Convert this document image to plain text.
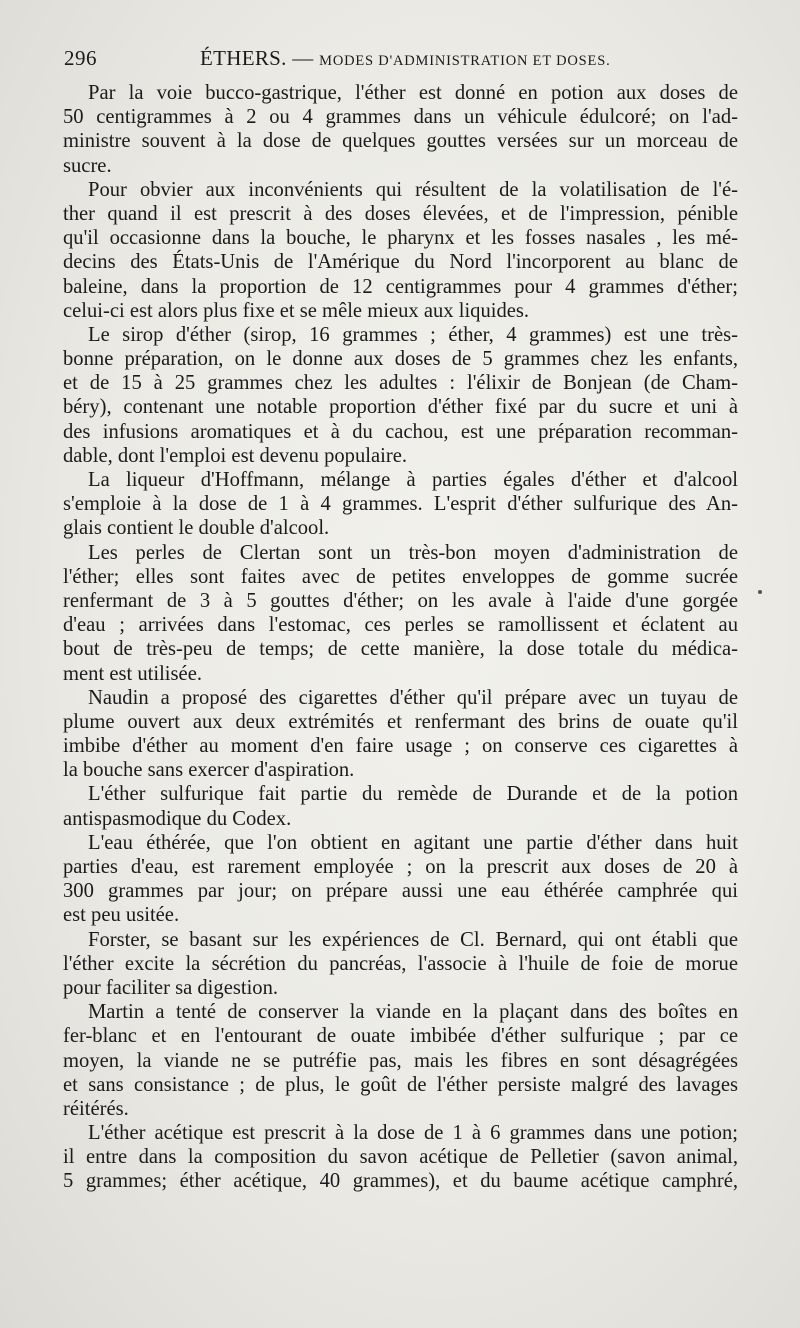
296	ÉTHERS. — MODES D'ADMINISTRATION ET DOSES.
Par la voie bucco-gastrique, l'éther est donné en potion aux doses de
50 centigrammes à 2 ou 4 grammes dans un véhicule édulcoré; on l'ad-
ministre souvent à la dose de quelques gouttes versées sur un morceau de
sucre.
Pour obvier aux inconvénients qui résultent de la volatilisation de l'é-
ther quand il est prescrit à des doses élevées, et de l'impression, pénible
qu'il occasionne dans la bouche, le pharynx et les fosses nasales , les mé-
decins des États-Unis de l'Amérique du Nord l'incorporent au blanc de
baleine, dans la proportion de 12 centigrammes pour 4 grammes d'éther;
celui-ci est alors plus fixe et se mêle mieux aux liquides.
Le sirop d'éther (sirop, 16 grammes ; éther, 4 grammes) est une très-
bonne préparation, on le donne aux doses de 5 grammes chez les enfants,
et de 15 à 25 grammes chez les adultes : l'élixir de Bonjean (de Cham-
béry), contenant une notable proportion d'éther fixé par du sucre et uni à
des infusions aromatiques et à du cachou, est une préparation recomman-
dable, dont l'emploi est devenu populaire.
La liqueur d'Hoffmann, mélange à parties égales d'éther et d'alcool
s'emploie à la dose de 1 à 4 grammes. L'esprit d'éther sulfurique des An-
glais contient le double d'alcool.
Les perles de Clertan sont un très-bon moyen d'administration de
l'éther; elles sont faites avec de petites enveloppes de gomme sucrée
renfermant de 3 à 5 gouttes d'éther; on les avale à l'aide d'une gorgée
d'eau ; arrivées dans l'estomac, ces perles se ramollissent et éclatent au
bout de très-peu de temps; de cette manière, la dose totale du médica-
ment est utilisée.
Naudin a proposé des cigarettes d'éther qu'il prépare avec un tuyau de
plume ouvert aux deux extrémités et renfermant des brins de ouate qu'il
imbibe d'éther au moment d'en faire usage ; on conserve ces cigarettes à
la bouche sans exercer d'aspiration.
L'éther sulfurique fait partie du remède de Durande et de la potion
antispasmodique du Codex.
L'eau éthérée, que l'on obtient en agitant une partie d'éther dans huit
parties d'eau, est rarement employée ; on la prescrit aux doses de 20 à
300 grammes par jour; on prépare aussi une eau éthérée camphrée qui
est peu usitée.
Forster, se basant sur les expériences de Cl. Bernard, qui ont établi que
l'éther excite la sécrétion du pancréas, l'associe à l'huile de foie de morue
pour faciliter sa digestion.
Martin a tenté de conserver la viande en la plaçant dans des boîtes en
fer-blanc et en l'entourant de ouate imbibée d'éther sulfurique ; par ce
moyen, la viande ne se putréfie pas, mais les fibres en sont désagrégées
et sans consistance ; de plus, le goût de l'éther persiste malgré des lavages
réitérés.
L'éther acétique est prescrit à la dose de 1 à 6 grammes dans une potion;
il entre dans la composition du savon acétique de Pelletier (savon animal,
5 grammes; éther acétique, 40 grammes), et du baume acétique camphré,
